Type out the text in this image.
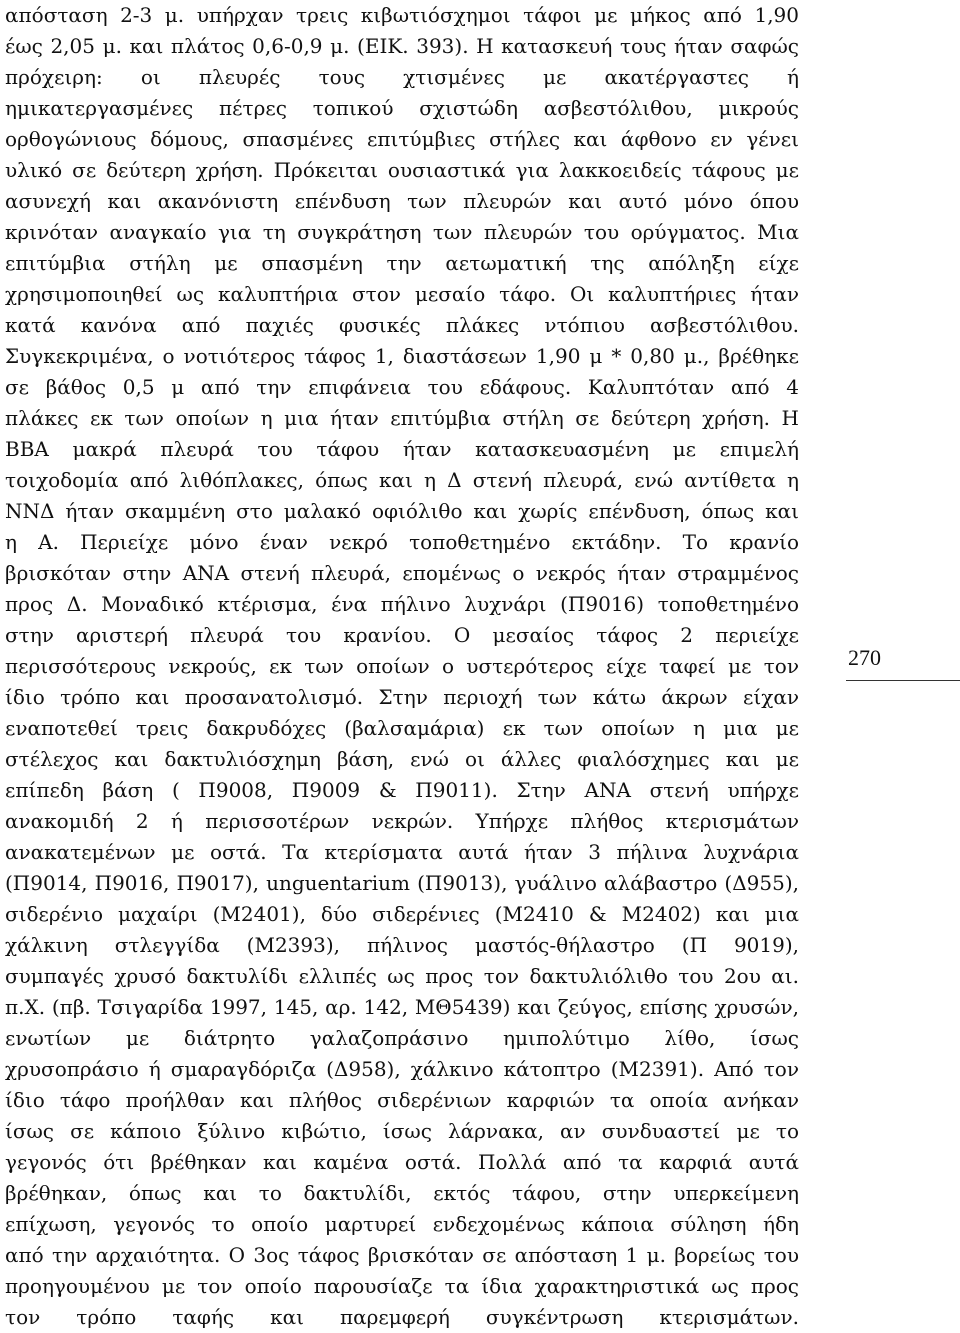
απόσταση 2-3 μ. υπήρχαν τρεις κιβωτιόσχημοι τάφοι με μήκος από 1,90
έως 2,05 μ. και πλάτος 0,6-0,9 μ. (ΕΙΚ. 393). Η κατασκευή τους ήταν σαφώς
πρόχειρη: οι πλευρές τους χτισμένες με ακατέργαστες ή
ημικατεργασμένες πέτρες τοπικού σχιστώδη ασβεστόλιθου, μικρούς
ορθογώνιους δόμους, σπασμένες επιτύμβιες στήλες και άφθονο εν γένει
υλικό σε δεύτερη χρήση. Πρόκειται ουσιαστικά για λακκοειδείς τάφους με
ασυνεχή και ακανόνιστη επένδυση των πλευρών και αυτό μόνο όπου
κρινόταν αναγκαίο για τη συγκράτηση των πλευρών του ορύγματος. Μια
επιτύμβια στήλη με σπασμένη την αετωματική της απόληξη είχε
χρησιμοποιηθεί ως καλυπτήρια στον μεσαίο τάφο. Οι καλυπτήριες ήταν
κατά κανόνα από παχιές φυσικές πλάκες ντόπιου ασβεστόλιθου.
Συγκεκριμένα, ο νοτιότερος τάφος 1, διαστάσεων 1,90 μ * 0,80 μ., βρέθηκε
σε βάθος 0,5 μ από την επιφάνεια του εδάφους. Καλυπτόταν από 4
πλάκες εκ των οποίων η μια ήταν επιτύμβια στήλη σε δεύτερη χρήση. Η
ΒΒΑ μακρά πλευρά του τάφου ήταν κατασκευασμένη με επιμελή
τοιχοδομία από λιθόπλακες, όπως και η Δ στενή πλευρά, ενώ αντίθετα η
ΝΝΔ ήταν σκαμμένη στο μαλακό οφιόλιθο και χωρίς επένδυση, όπως και
η Α. Περιείχε μόνο έναν νεκρό τοποθετημένο εκτάδην. Το κρανίο
βρισκόταν στην ΑΝΑ στενή πλευρά, επομένως ο νεκρός ήταν στραμμένος
προς Δ. Μοναδικό κτέρισμα, ένα πήλινο λυχνάρι (Π9016) τοποθετημένο
στην αριστερή πλευρά του κρανίου. Ο μεσαίος τάφος 2 περιείχε
περισσότερους νεκρούς, εκ των οποίων ο υστερότερος είχε ταφεί με τον
ίδιο τρόπο και προσανατολισμό. Στην περιοχή των κάτω άκρων είχαν
εναποτεθεί τρεις δακρυδόχες (βαλσαμάρια) εκ των οποίων η μια με
στέλεχος και δακτυλιόσχημη βάση, ενώ οι άλλες φιαλόσχημες και με
επίπεδη βάση ( Π9008, Π9009 & Π9011). Στην ΑΝΑ στενή υπήρχε
ανακομιδή 2 ή περισσοτέρων νεκρών. Υπήρχε πλήθος κτερισμάτων
ανακατεμένων με οστά. Τα κτερίσματα αυτά ήταν 3 πήλινα λυχνάρια
(Π9014, Π9016, Π9017), unguentarium (Π9013), γυάλινο αλάβαστρο (Δ955),
σιδερένιο μαχαίρι (Μ2401), δύο σιδερένιες (Μ2410 & Μ2402) και μια
χάλκινη στλεγγίδα (Μ2393), πήλινος μαστός-θήλαστρο (Π 9019),
συμπαγές χρυσό δακτυλίδι ελλιπές ως προς τον δακτυλιόλιθο του 2ου αι.
π.Χ. (πβ. Τσιγαρίδα 1997, 145, αρ. 142, ΜΘ5439) και ζεύγος, επίσης χρυσών,
ενωτίων με διάτρητο γαλαζοπράσινο ημιπολύτιμο λίθο, ίσως
χρυσοπράσιο ή σμαραγδόριζα (Δ958), χάλκινο κάτοπτρο (Μ2391). Από τον
ίδιο τάφο προήλθαν και πλήθος σιδερένιων καρφιών τα οποία ανήκαν
ίσως σε κάποιο ξύλινο κιβώτιο, ίσως λάρνακα, αν συνδυαστεί με το
γεγονός ότι βρέθηκαν και καμένα οστά. Πολλά από τα καρφιά αυτά
βρέθηκαν, όπως και το δακτυλίδι, εκτός τάφου, στην υπερκείμενη
επίχωση, γεγονός το οποίο μαρτυρεί ενδεχομένως κάποια σύληση ήδη
από την αρχαιότητα. Ο 3ος τάφος βρισκόταν σε απόσταση 1 μ. βορείως του
προηγουμένου με τον οποίο παρουσίαζε τα ίδια χαρακτηριστικά ως προς
τον τρόπο ταφής και παρεμφερή συγκέντρωση κτερισμάτων.
270
